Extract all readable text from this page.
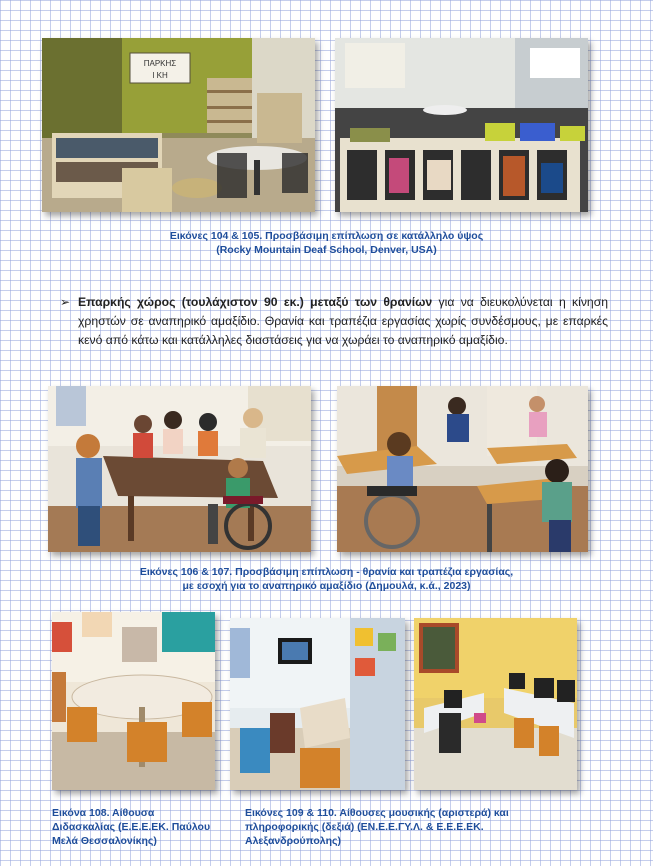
ΠΑΡΚΗΣ
Ι ΚΗ
Εικόνες 104 & 105. Προσβάσιμη επίπλωση σε κατάλληλο ύψος
(Rocky Mountain Deaf School, Denver, USA)
➢ Επαρκής χώρος (τουλάχιστον 90 εκ.) μεταξύ των θρανίων για να διευκολύνεται η κίνηση χρηστών σε αναπηρικό αμαξίδιο. Θρανία και τραπέζια εργασίας χωρίς συνδέσμους, με επαρκές κενό από κάτω και κατάλληλες διαστάσεις για να χωράει το αναπηρικό αμαξίδιο.
Εικόνες 106 & 107. Προσβάσιμη επίπλωση - θρανία και τραπέζια εργασίας,
με εσοχή για το αναπηρικό αμαξίδιο (Δημουλά, κ.ά., 2023)
Εικόνα 108. Αίθουσα
Διδασκαλίας (Ε.Ε.Ε.ΕΚ. Παύλου
Μελά Θεσσαλονίκης)
Εικόνες 109 & 110. Αίθουσες μουσικής (αριστερά) και
πληροφορικής (δεξιά) (ΕΝ.Ε.Ε.ΓΥ.Λ. & Ε.Ε.Ε.ΕΚ.
Αλεξανδρούπολης)
